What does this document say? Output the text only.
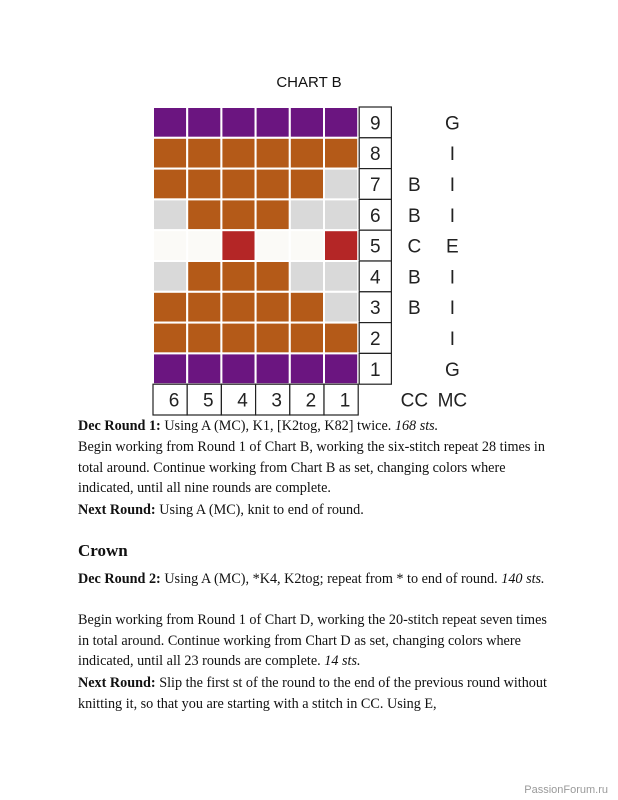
CHART B
9	G
8	I
7 B I
6 B I
5 C E
4 B I
3 B I
2	I
1	G
6 5 4 3 2 1	CC MC

Dec Round 1: Using A (MC), K1, [K2tog, K82] twice. 168 sts.

Begin working from Round 1 of Chart B, working the six-stitch repeat 28 times in total around. Continue working from Chart B as set, changing colors where indicated, until all nine rounds are complete.

Next Round: Using A (MC), knit to end of round.

Crown

Dec Round 2: Using A (MC), *K4, K2tog; repeat from * to end of round. 140 sts.

Begin working from Round 1 of Chart D, working the 20-stitch repeat seven times in total around. Continue working from Chart D as set, changing colors where indicated, until all 23 rounds are complete. 14 sts.

Next Round: Slip the first st of the round to the end of the previous round without knitting it, so that you are starting with a stitch in CC. Using E,

PassionForum.ru
